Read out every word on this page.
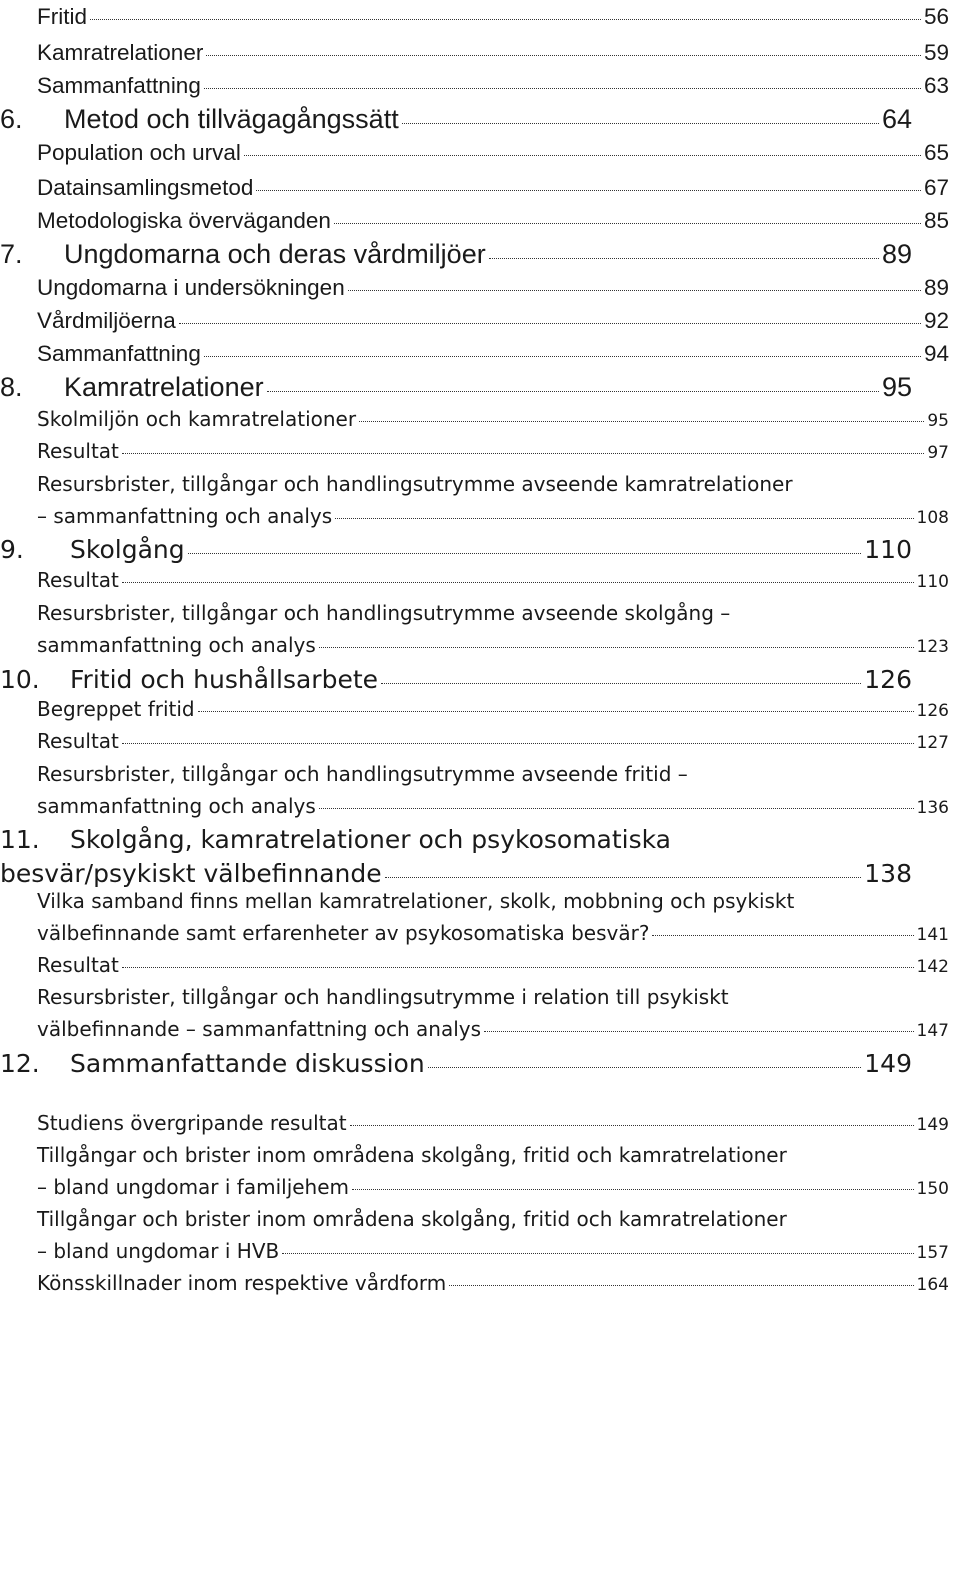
Fritid	56
Kamratrelationer	59
Sammanfattning	63
6.	Metod och tillvägagångssätt	64
Population och urval	65
Datainsamlingsmetod	67
Metodologiska överväganden	85
7.	Ungdomarna och deras vårdmiljöer	89
Ungdomarna i undersökningen	89
Vårdmiljöerna	92
Sammanfattning	94
8.	Kamratrelationer	95
Skolmiljön och kamratrelationer	95
Resultat	97
Resursbrister, tillgångar och handlingsutrymme avseende kamratrelationer
– sammanfattning och analys	108
9.	Skolgång	110
Resultat	110
Resursbrister, tillgångar och handlingsutrymme avseende skolgång –
sammanfattning och analys	123
10.	Fritid och hushållsarbete	126
Begreppet fritid	126
Resultat	127
Resursbrister, tillgångar och handlingsutrymme avseende fritid –
sammanfattning och analys	136
11. Skolgång, kamratrelationer och psykosomatiska
besvär/psykiskt välbefinnande	138
Vilka samband finns mellan kamratrelationer, skolk, mobbning och psykiskt
välbefinnande samt erfarenheter av psykosomatiska besvär?	141
Resultat	142
Resursbrister, tillgångar och handlingsutrymme i relation till psykiskt
välbefinnande – sammanfattning och analys	147
12.	Sammanfattande diskussion	149
Studiens övergripande resultat	149
Tillgångar och brister inom områdena skolgång, fritid och kamratrelationer
– bland ungdomar i familjehem	150
Tillgångar och brister inom områdena skolgång, fritid och kamratrelationer
– bland ungdomar i HVB	157
Könsskillnader inom respektive vårdform	164
